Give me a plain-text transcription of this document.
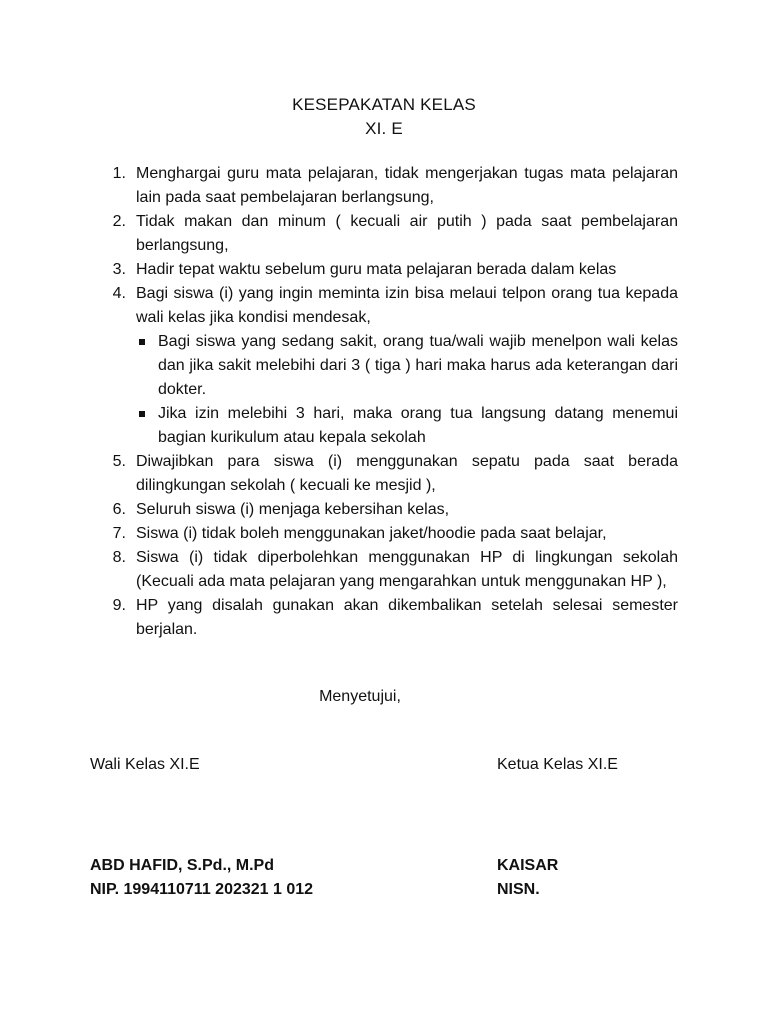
KESEPAKATAN KELAS
XI. E
1. Menghargai guru mata pelajaran, tidak mengerjakan tugas mata pelajaran lain pada saat pembelajaran berlangsung,
2. Tidak makan dan minum ( kecuali air putih ) pada saat pembelajaran berlangsung,
3. Hadir tepat waktu sebelum guru mata pelajaran berada dalam kelas
4. Bagi siswa (i) yang ingin meminta izin bisa melaui telpon orang tua kepada wali kelas jika kondisi mendesak,
Bagi siswa yang sedang sakit, orang tua/wali wajib menelpon wali kelas dan jika sakit melebihi dari 3 ( tiga ) hari maka harus ada keterangan dari dokter.
Jika izin melebihi 3 hari, maka orang tua langsung datang menemui bagian kurikulum atau kepala sekolah
5. Diwajibkan para siswa (i) menggunakan sepatu pada saat berada dilingkungan sekolah ( kecuali ke mesjid ),
6. Seluruh siswa (i) menjaga kebersihan kelas,
7. Siswa (i) tidak boleh menggunakan jaket/hoodie pada saat belajar,
8. Siswa (i) tidak diperbolehkan menggunakan HP di lingkungan sekolah (Kecuali ada mata pelajaran yang mengarahkan untuk menggunakan HP ),
9. HP yang disalah gunakan akan dikembalikan setelah selesai semester berjalan.
Menyetujui,
Wali Kelas XI.E	Ketua Kelas XI.E
ABD HAFID, S.Pd., M.Pd
NIP. 1994110711 202321 1 012
KAISAR
NISN.
